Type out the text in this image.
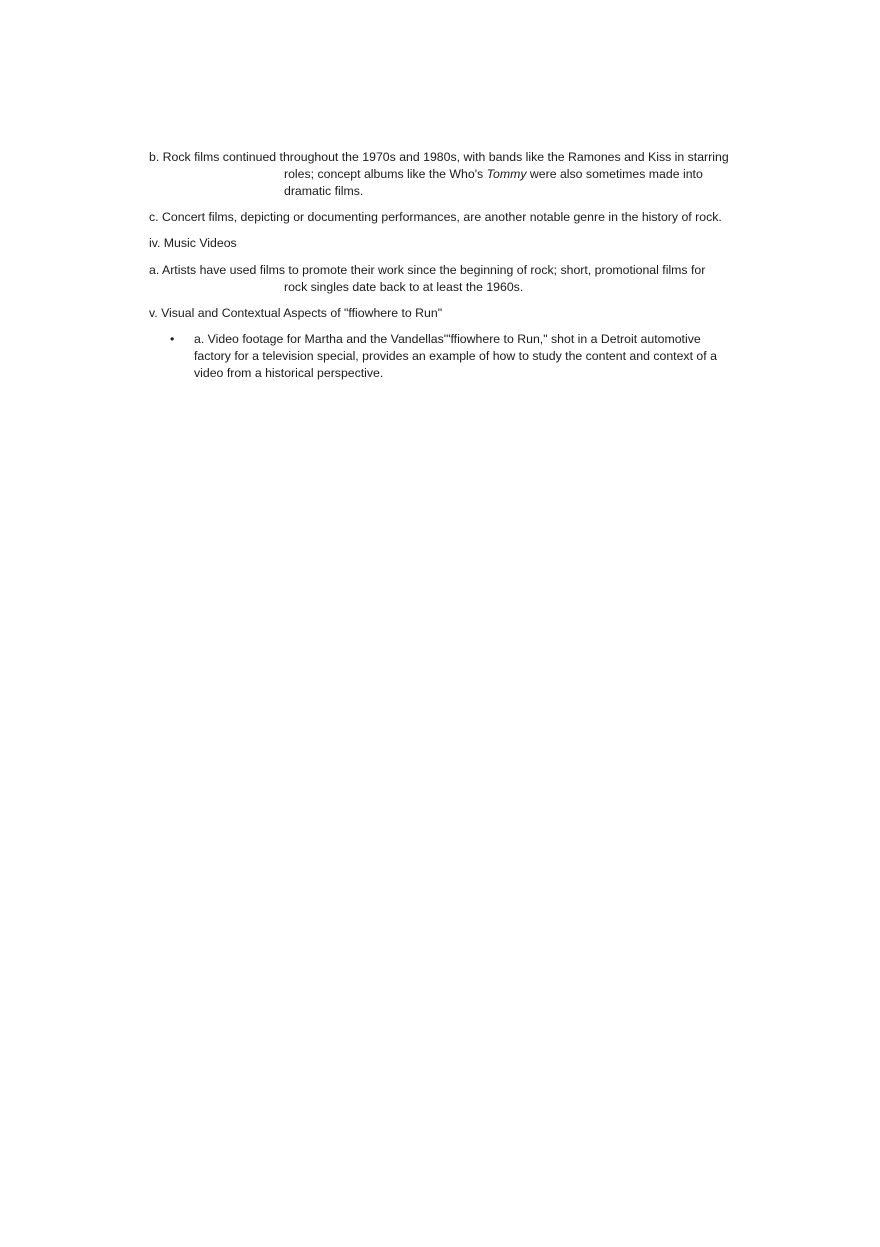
b. Rock films continued throughout the 1970s and 1980s, with bands like the Ramones and Kiss in starring roles; concept albums like the Who's Tommy were also sometimes made into dramatic films.

c. Concert films, depicting or documenting performances, are another notable genre in the history of rock.

iv. Music Videos

a. Artists have used films to promote their work since the beginning of rock; short, promotional films for rock singles date back to at least the 1960s.

v. Visual and Contextual Aspects of "ffiowhere to Run"

• a. Video footage for Martha and the Vandellas'"ffiowhere to Run," shot in a Detroit automotive factory for a television special, provides an example of how to study the content and context of a video from a historical perspective.
